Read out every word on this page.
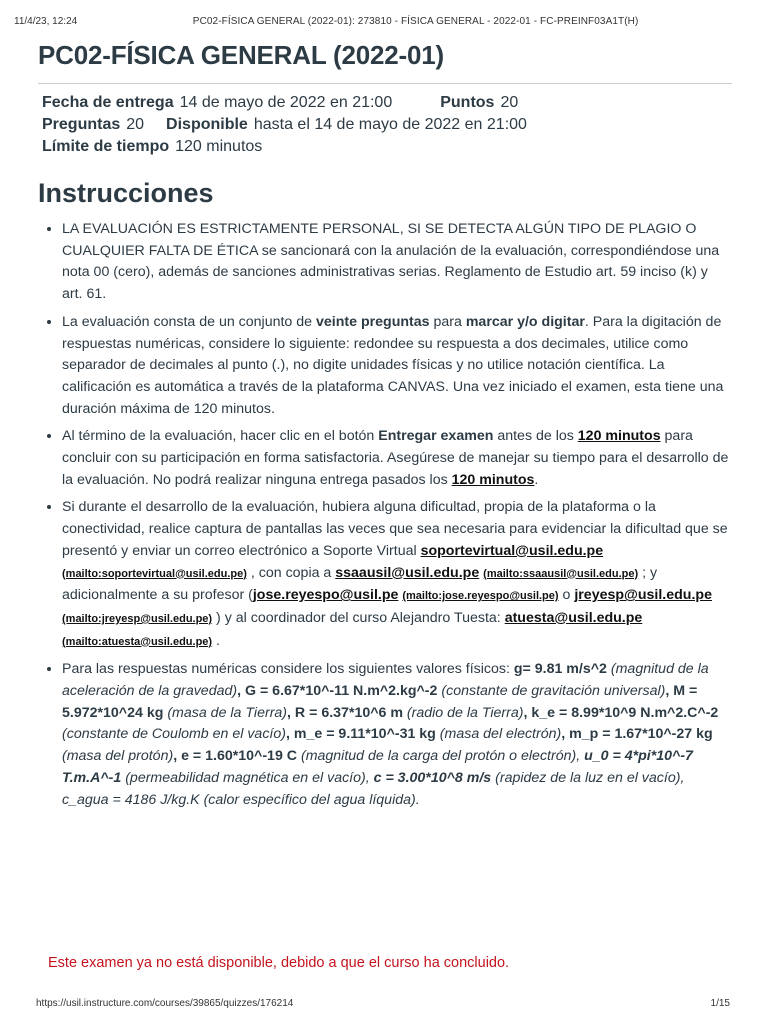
11/4/23, 12:24	PC02-FÍSICA GENERAL (2022-01): 273810 - FÍSICA GENERAL - 2022-01 - FC-PREINF03A1T(H)
PC02-FÍSICA GENERAL (2022-01)
Fecha de entrega 14 de mayo de 2022 en 21:00	Puntos 20
Preguntas 20 Disponible hasta el 14 de mayo de 2022 en 21:00
Límite de tiempo 120 minutos
Instrucciones
• LA EVALUACIÓN ES ESTRICTAMENTE PERSONAL, SI SE DETECTA ALGÚN TIPO DE PLAGIO O CUALQUIER FALTA DE ÉTICA se sancionará con la anulación de la evaluación, correspondiéndose una nota 00 (cero), además de sanciones administrativas serias. Reglamento de Estudio art. 59 inciso (k) y art. 61.
• La evaluación consta de un conjunto de veinte preguntas para marcar y/o digitar. Para la digitación de respuestas numéricas, considere lo siguiente: redondee su respuesta a dos decimales, utilice como separador de decimales al punto (.), no digite unidades físicas y no utilice notación científica. La calificación es automática a través de la plataforma CANVAS. Una vez iniciado el examen, esta tiene una duración máxima de 120 minutos.
• Al término de la evaluación, hacer clic en el botón Entregar examen antes de los 120 minutos para concluir con su participación en forma satisfactoria. Asegúrese de manejar su tiempo para el desarrollo de la evaluación. No podrá realizar ninguna entrega pasados los 120 minutos.
• Si durante el desarrollo de la evaluación, hubiera alguna dificultad, propia de la plataforma o la conectividad, realice captura de pantallas las veces que sea necesaria para evidenciar la dificultad que se presentó y enviar un correo electrónico a Soporte Virtual soportevirtual@usil.edu.pe (mailto:soportevirtual@usil.edu.pe) , con copia a ssaausil@usil.edu.pe (mailto:ssaausil@usil.edu.pe) ; y adicionalmente a su profesor (jose.reyespo@usil.pe (mailto:jose.reyespo@usil.pe) o jreyesp@usil.edu.pe (mailto:jreyesp@usil.edu.pe) ) y al coordinador del curso Alejandro Tuesta: atuesta@usil.edu.pe (mailto:atuesta@usil.edu.pe) .
• Para las respuestas numéricas considere los siguientes valores físicos: g= 9.81 m/s^2 (magnitud de la aceleración de la gravedad), G = 6.67*10^-11 N.m^2.kg^-2 (constante de gravitación universal), M = 5.972*10^24 kg (masa de la Tierra), R = 6.37*10^6 m (radio de la Tierra), k_e = 8.99*10^9 N.m^2.C^-2 (constante de Coulomb en el vacío), m_e = 9.11*10^-31 kg (masa del electrón), m_p = 1.67*10^-27 kg (masa del protón), e = 1.60*10^-19 C (magnitud de la carga del protón o electrón), u_0 = 4*pi*10^-7 T.m.A^-1 (permeabilidad magnética en el vacío), c = 3.00*10^8 m/s (rapidez de la luz en el vacío), c_agua = 4186 J/kg.K (calor específico del agua líquida).
Este examen ya no está disponible, debido a que el curso ha concluido.
https://usil.instructure.com/courses/39865/quizzes/176214	1/15
